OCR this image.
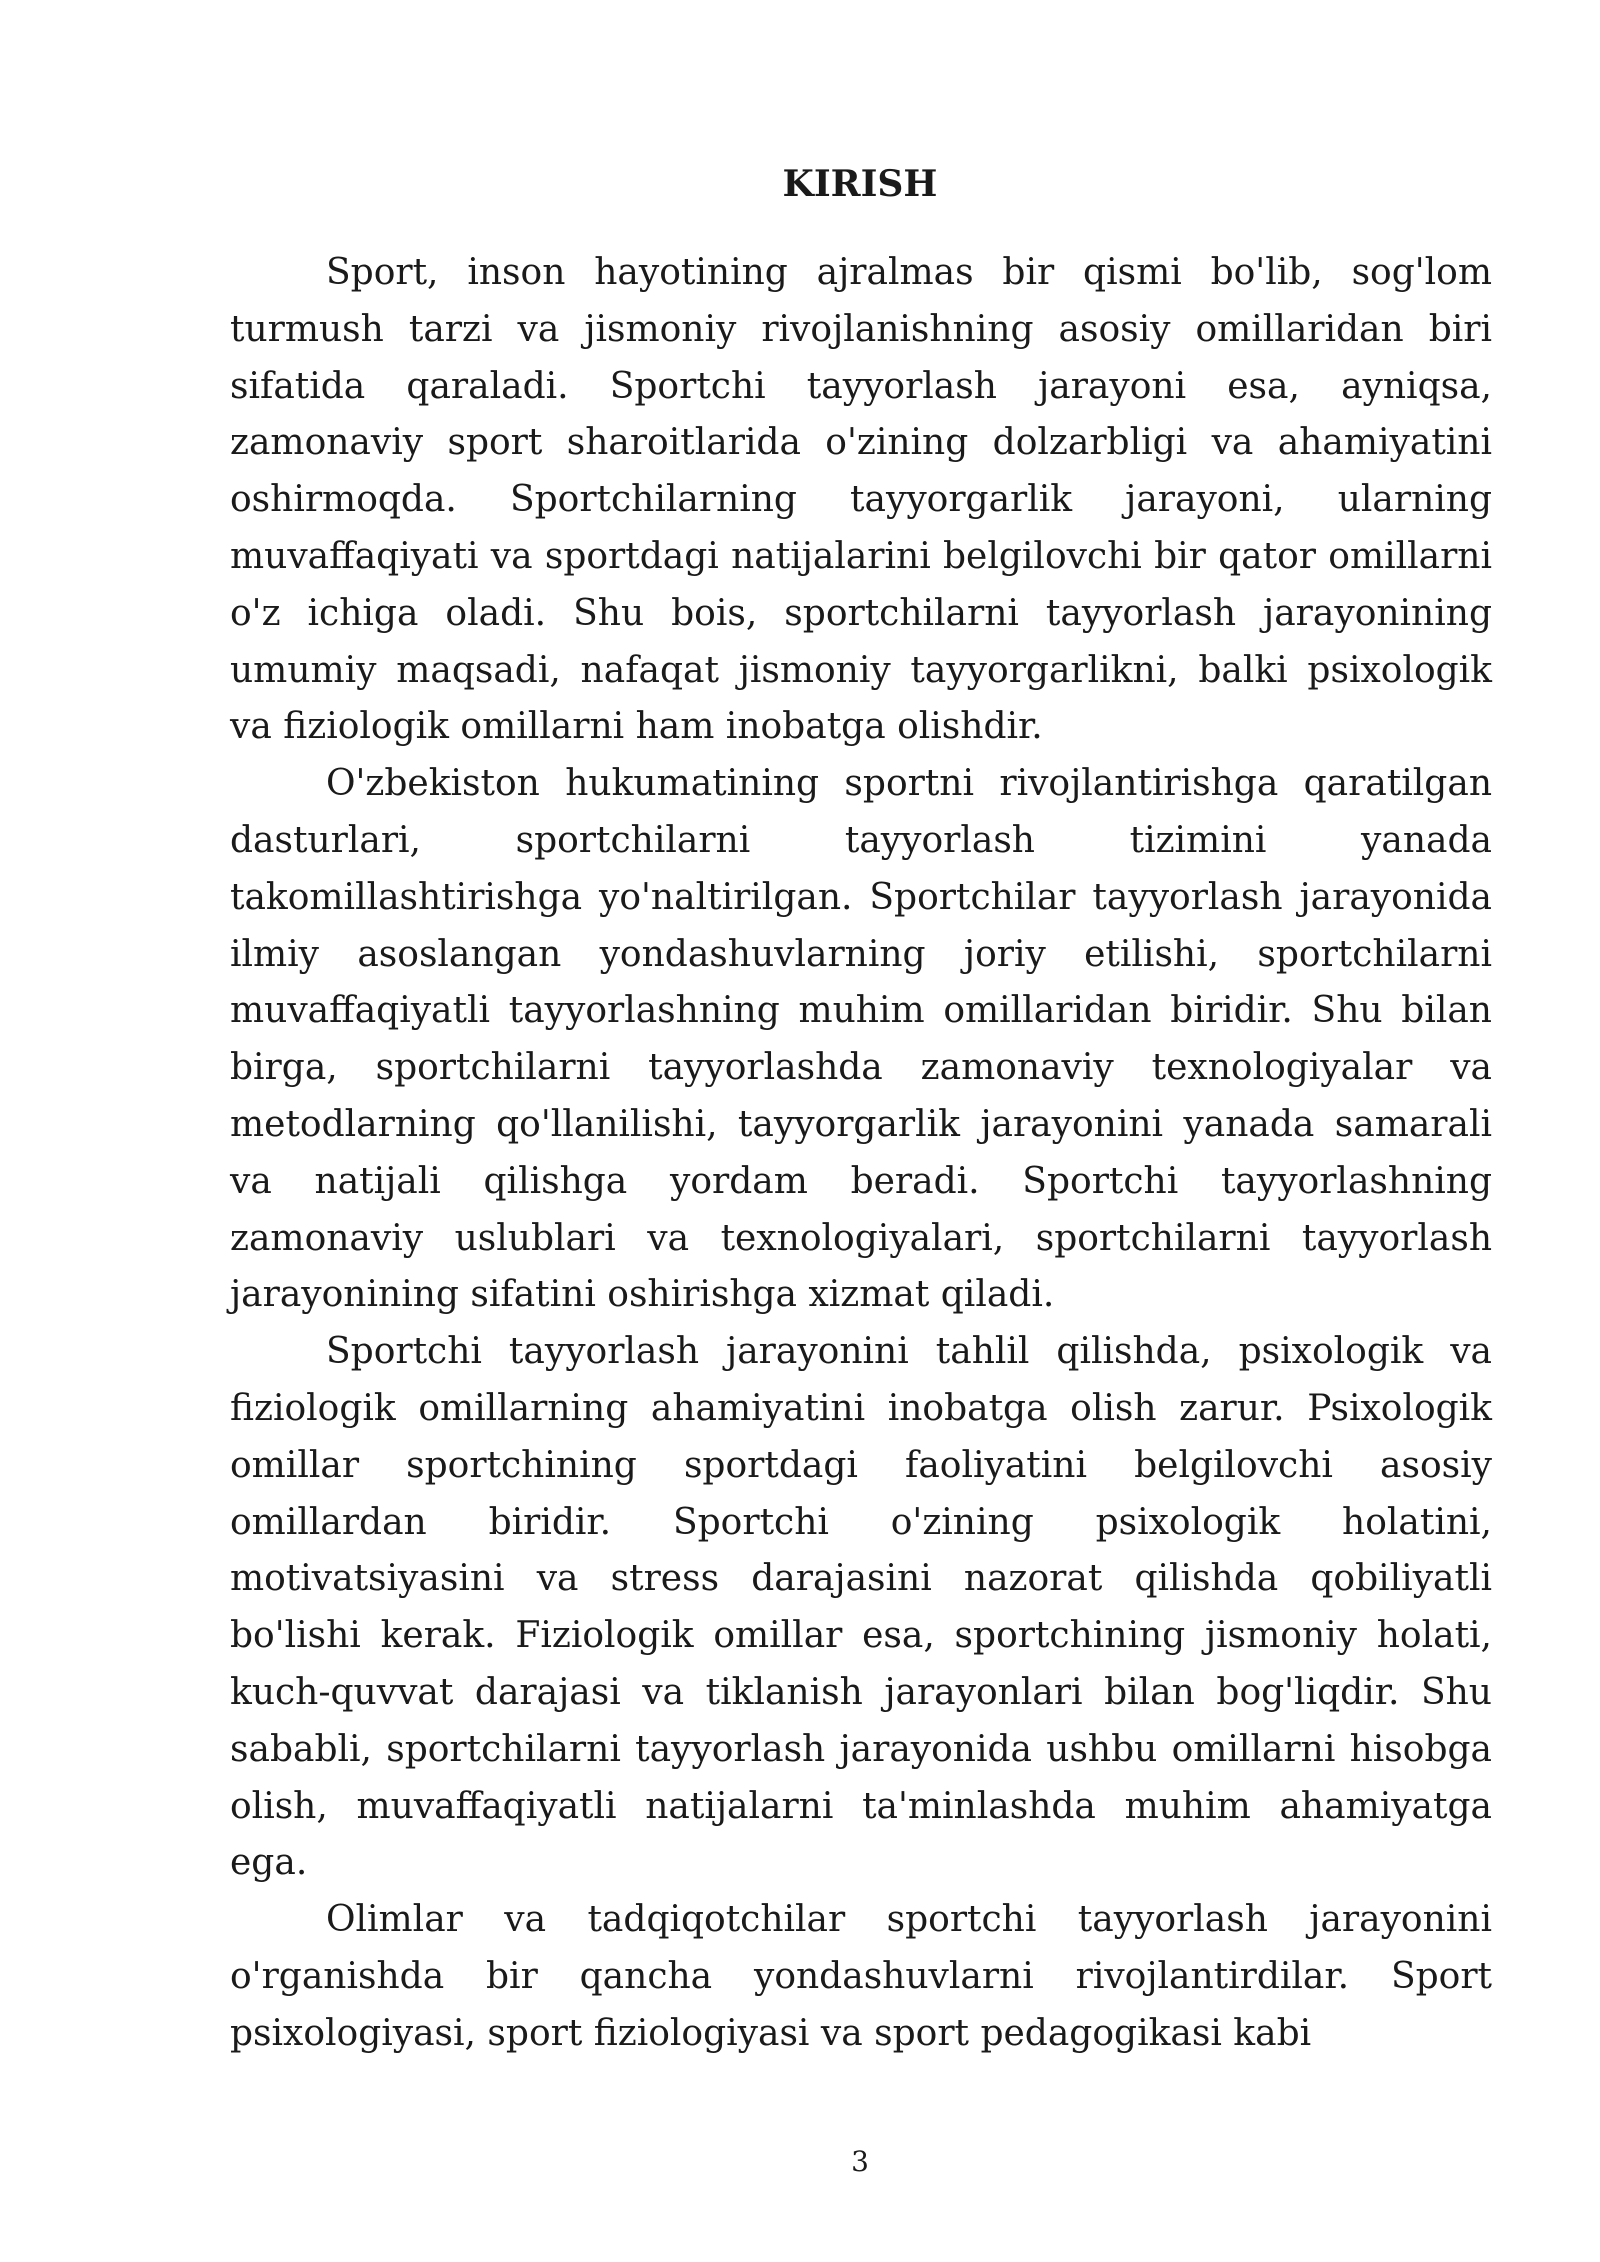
KIRISH

Sport, inson hayotining ajralmas bir qismi bo'lib, sog'lom turmush tarzi va jismoniy rivojlanishning asosiy omillaridan biri sifatida qaraladi. Sportchi tayyorlash jarayoni esa, ayniqsa, zamonaviy sport sharoitlarida o'zining dolzarbligi va ahamiyatini oshirmoqda. Sportchilarning tayyorgarlik jarayoni, ularning muvaffaqiyati va sportdagi natijalarini belgilovchi bir qator omillarni o'z ichiga oladi. Shu bois, sportchilarni tayyorlash jarayonining umumiy maqsadi, nafaqat jismoniy tayyorgarlikni, balki psixologik va fiziologik omillarni ham inobatga olishdir.

O'zbekiston hukumatining sportni rivojlantirishga qaratilgan dasturlari, sportchilarni tayyorlash tizimini yanada takomillashtirishga yo'naltirilgan. Sportchilar tayyorlash jarayonida ilmiy asoslangan yondashuvlarning joriy etilishi, sportchilarni muvaffaqiyatli tayyorlashning muhim omillaridan biridir. Shu bilan birga, sportchilarni tayyorlashda zamonaviy texnologiyalar va metodlarning qo'llanilishi, tayyorgarlik jarayonini yanada samarali va natijali qilishga yordam beradi. Sportchi tayyorlashning zamonaviy uslublari va texnologiyalari, sportchilarni tayyorlash jarayonining sifatini oshirishga xizmat qiladi.

Sportchi tayyorlash jarayonini tahlil qilishda, psixologik va fiziologik omillarning ahamiyatini inobatga olish zarur. Psixologik omillar sportchining sportdagi faoliyatini belgilovchi asosiy omillardan biridir. Sportchi o'zining psixologik holatini, motivatsiyasini va stress darajasini nazorat qilishda qobiliyatli bo'lishi kerak. Fiziologik omillar esa, sportchining jismoniy holati, kuch-quvvat darajasi va tiklanish jarayonlari bilan bog'liqdir. Shu sababli, sportchilarni tayyorlash jarayonida ushbu omillarni hisobga olish, muvaffaqiyatli natijalarni ta'minlashda muhim ahamiyatga ega.

Olimlar va tadqiqotchilar sportchi tayyorlash jarayonini o'rganishda bir qancha yondashuvlarni rivojlantirdilar. Sport psixologiyasi, sport fiziologiyasi va sport pedagogikasi kabi

3
